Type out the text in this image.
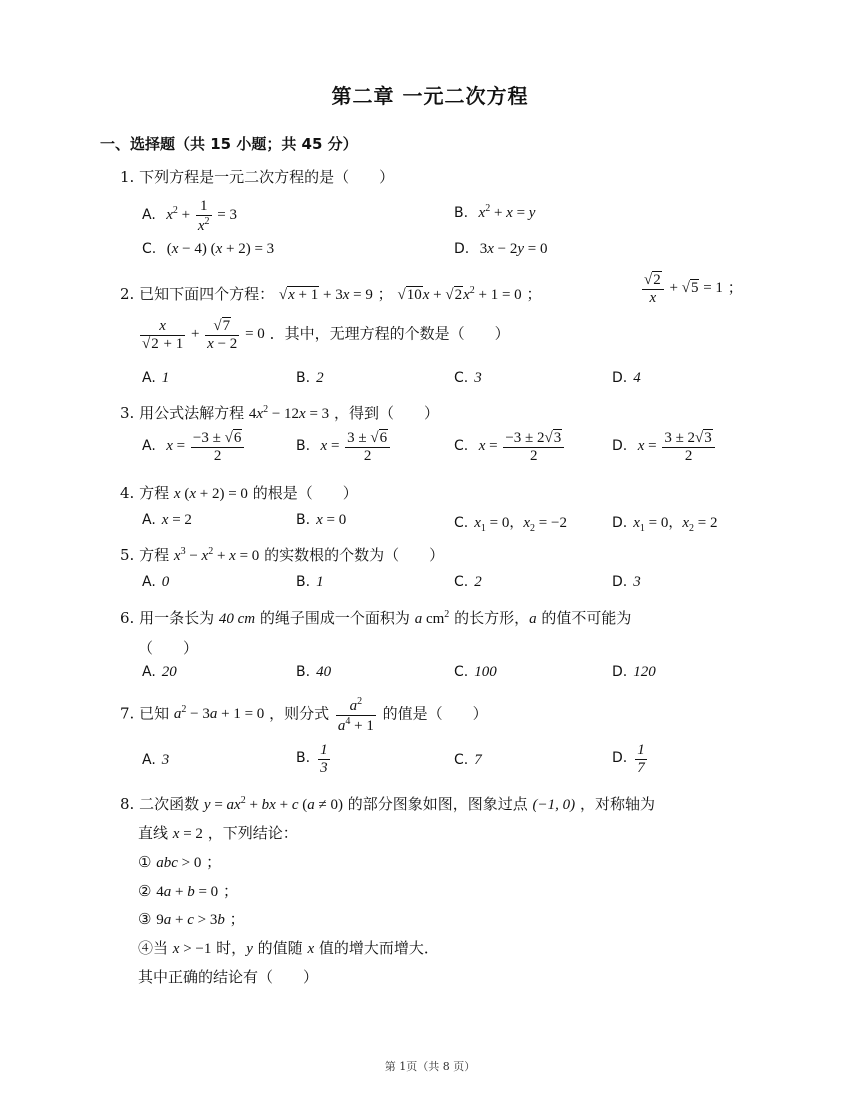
第二章 一元二次方程
一、选择题（共 15 小题；共 45 分）
1. 下列方程是一元二次方程的是（　　）
A. $x^2 + \frac{1}{x^2} = 3$	B. $x^2 + x = y$
C. (x − 4) (x + 2) = 3	D. 3x − 2y = 0
2. 已知下面四个方程： √x + 1 + 3x = 9 ； $√10x + √2x^2 + 1 = 0$ ；	$\frac{√2}{x} + √5 = 1$ ；
$\frac{x}{√2 + 1} + \frac{√7}{x - 2} = 0$ ．其中，无理方程的个数是（　　）
A. 1	B. 2	C. 3	D. 4
3. 用公式法解方程 $4x^2 - 12x = 3$ ，得到（　　）
A. $x = \frac{-3 \pm √6}{2}$	B. $x = \frac{3 \pm √6}{2}$	C. $x = \frac{-3 \pm 2√3}{2}$	D. $x = \frac{3 \pm 2√3}{2}$
4. 方程 x (x + 2) = 0 的根是（　　）
A. x = 2	B. x = 0	C. $x_1 = 0$，$x_2 = -2$	D. $x_1 = 0$，$x_2 = 2$
5. 方程 $x^3 - x^2 + x = 0$ 的实数根的个数为（　　）
A. 0	B. 1	C. 2	D. 3
6. 用一条长为 40 cm 的绳子围成一个面积为 a $cm^2$ 的长方形，a 的值不可能为
（　　）
A. 20	B. 40	C. 100	D. 120
7. 已知 $a^2 - 3a + 1 = 0$ ，则分式 $\frac{a^2}{a^4 + 1}$ 的值是（　　）
A. 3	B. $\frac{1}{3}$	C. 7	D. $\frac{1}{7}$
8. 二次函数 $y = ax^2$ + bx + c (a ≠ 0) 的部分图象如图，图象过点 (−1, 0) ，对称轴为
直线 x = 2 ，下列结论：
① abc > 0 ；
② 4a + b = 0 ；
③ 9a + c > 3b ；
④当 x > −1 时，y 的值随 x 值的增大而增大．
其中正确的结论有（　　）
第 1页（共 8 页）
